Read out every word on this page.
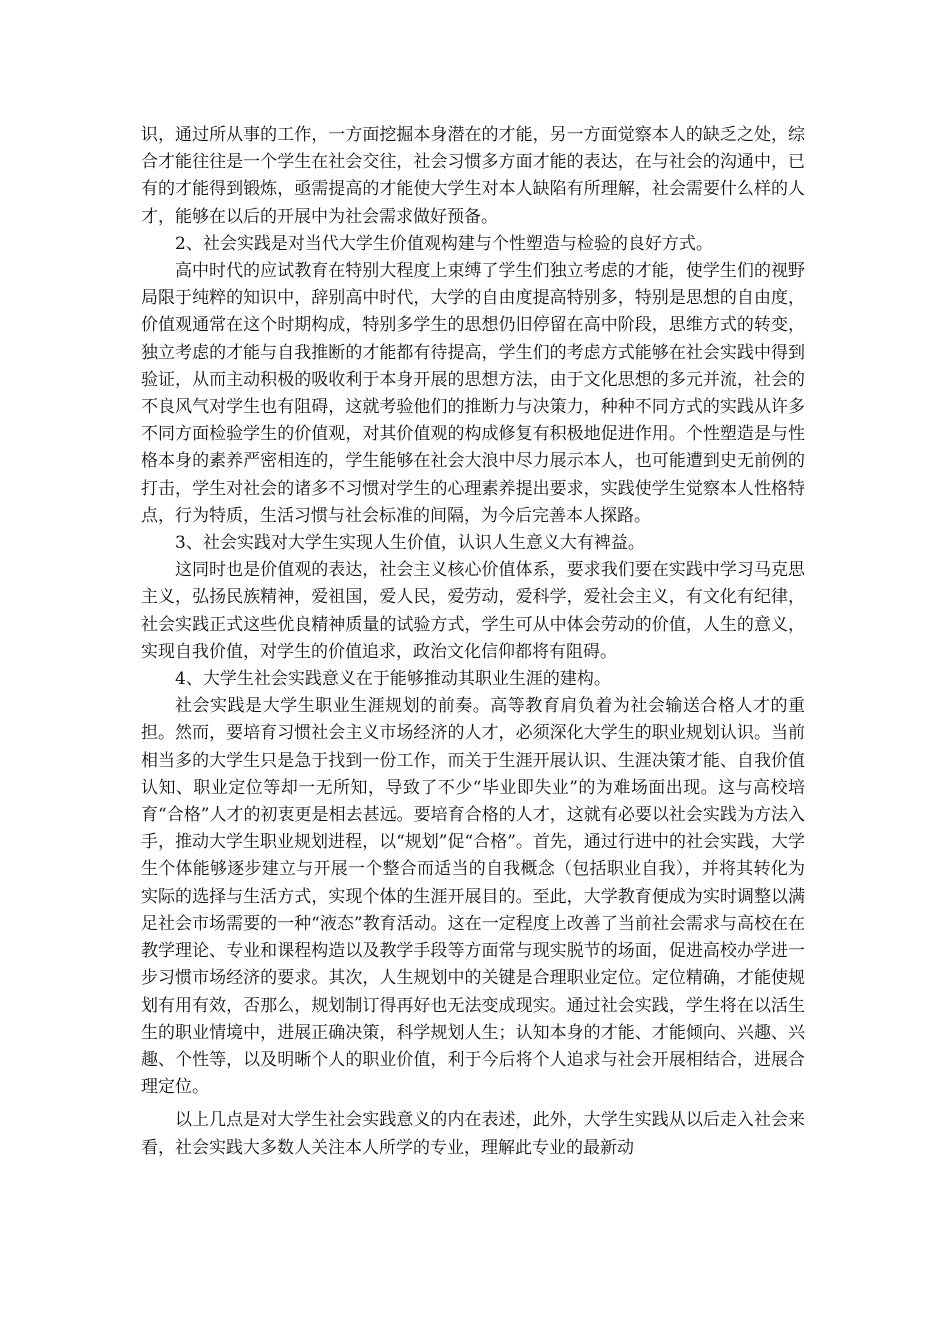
识，通过所从事的工作，一方面挖掘本身潜在的才能，另一方面觉察本人的缺乏之处，综合才能往往是一个学生在社会交往，社会习惯多方面才能的表达，在与社会的沟通中，已有的才能得到锻炼，亟需提高的才能使大学生对本人缺陷有所理解，社会需要什么样的人才，能够在以后的开展中为社会需求做好预备。

2、社会实践是对当代大学生价值观构建与个性塑造与检验的良好方式。

高中时代的应试教育在特别大程度上束缚了学生们独立考虑的才能，使学生们的视野局限于纯粹的知识中，辞别高中时代，大学的自由度提高特别多，特别是思想的自由度，价值观通常在这个时期构成，特别多学生的思想仍旧停留在高中阶段，思维方式的转变，独立考虑的才能与自我推断的才能都有待提高，学生们的考虑方式能够在社会实践中得到验证，从而主动积极的吸收利于本身开展的思想方法，由于文化思想的多元并流，社会的不良风气对学生也有阻碍，这就考验他们的推断力与决策力，种种不同方式的实践从许多不同方面检验学生的价值观，对其价值观的构成修复有积极地促进作用。个性塑造是与性格本身的素养严密相连的，学生能够在社会大浪中尽力展示本人，也可能遭到史无前例的打击，学生对社会的诸多不习惯对学生的心理素养提出要求，实践使学生觉察本人性格特点，行为特质，生活习惯与社会标准的间隔，为今后完善本人探路。

3、社会实践对大学生实现人生价值，认识人生意义大有裨益。

这同时也是价值观的表达，社会主义核心价值体系，要求我们要在实践中学习马克思主义，弘扬民族精神，爱祖国，爱人民，爱劳动，爱科学，爱社会主义，有文化有纪律，社会实践正式这些优良精神质量的试验方式，学生可从中体会劳动的价值，人生的意义，实现自我价值，对学生的价值追求，政治文化信仰都将有阻碍。

4、大学生社会实践意义在于能够推动其职业生涯的建构。

社会实践是大学生职业生涯规划的前奏。高等教育肩负着为社会输送合格人才的重担。然而，要培育习惯社会主义市场经济的人才，必须深化大学生的职业规划认识。当前相当多的大学生只是急于找到一份工作，而关于生涯开展认识、生涯决策才能、自我价值认知、职业定位等却一无所知，导致了不少“毕业即失业”的为难场面出现。这与高校培育“合格”人才的初衷更是相去甚远。要培育合格的人才，这就有必要以社会实践为方法入手，推动大学生职业规划进程，以“规划”促“合格”。首先，通过行进中的社会实践，大学生个体能够逐步建立与开展一个整合而适当的自我概念（包括职业自我），并将其转化为实际的选择与生活方式，实现个体的生涯开展目的。至此，大学教育便成为实时调整以满足社会市场需要的一种“液态”教育活动。这在一定程度上改善了当前社会需求与高校在在教学理论、专业和课程构造以及教学手段等方面常与现实脱节的场面，促进高校办学进一步习惯市场经济的要求。其次，人生规划中的关键是合理职业定位。定位精确，才能使规划有用有效，否那么，规划制订得再好也无法变成现实。通过社会实践，学生将在以活生生的职业情境中，进展正确决策，科学规划人生；认知本身的才能、才能倾向、兴趣、兴趣、个性等，以及明晰个人的职业价值，利于今后将个人追求与社会开展相结合，进展合理定位。

以上几点是对大学生社会实践意义的内在表述，此外，大学生实践从以后走入社会来看，社会实践大多数人关注本人所学的专业，理解此专业的最新动
